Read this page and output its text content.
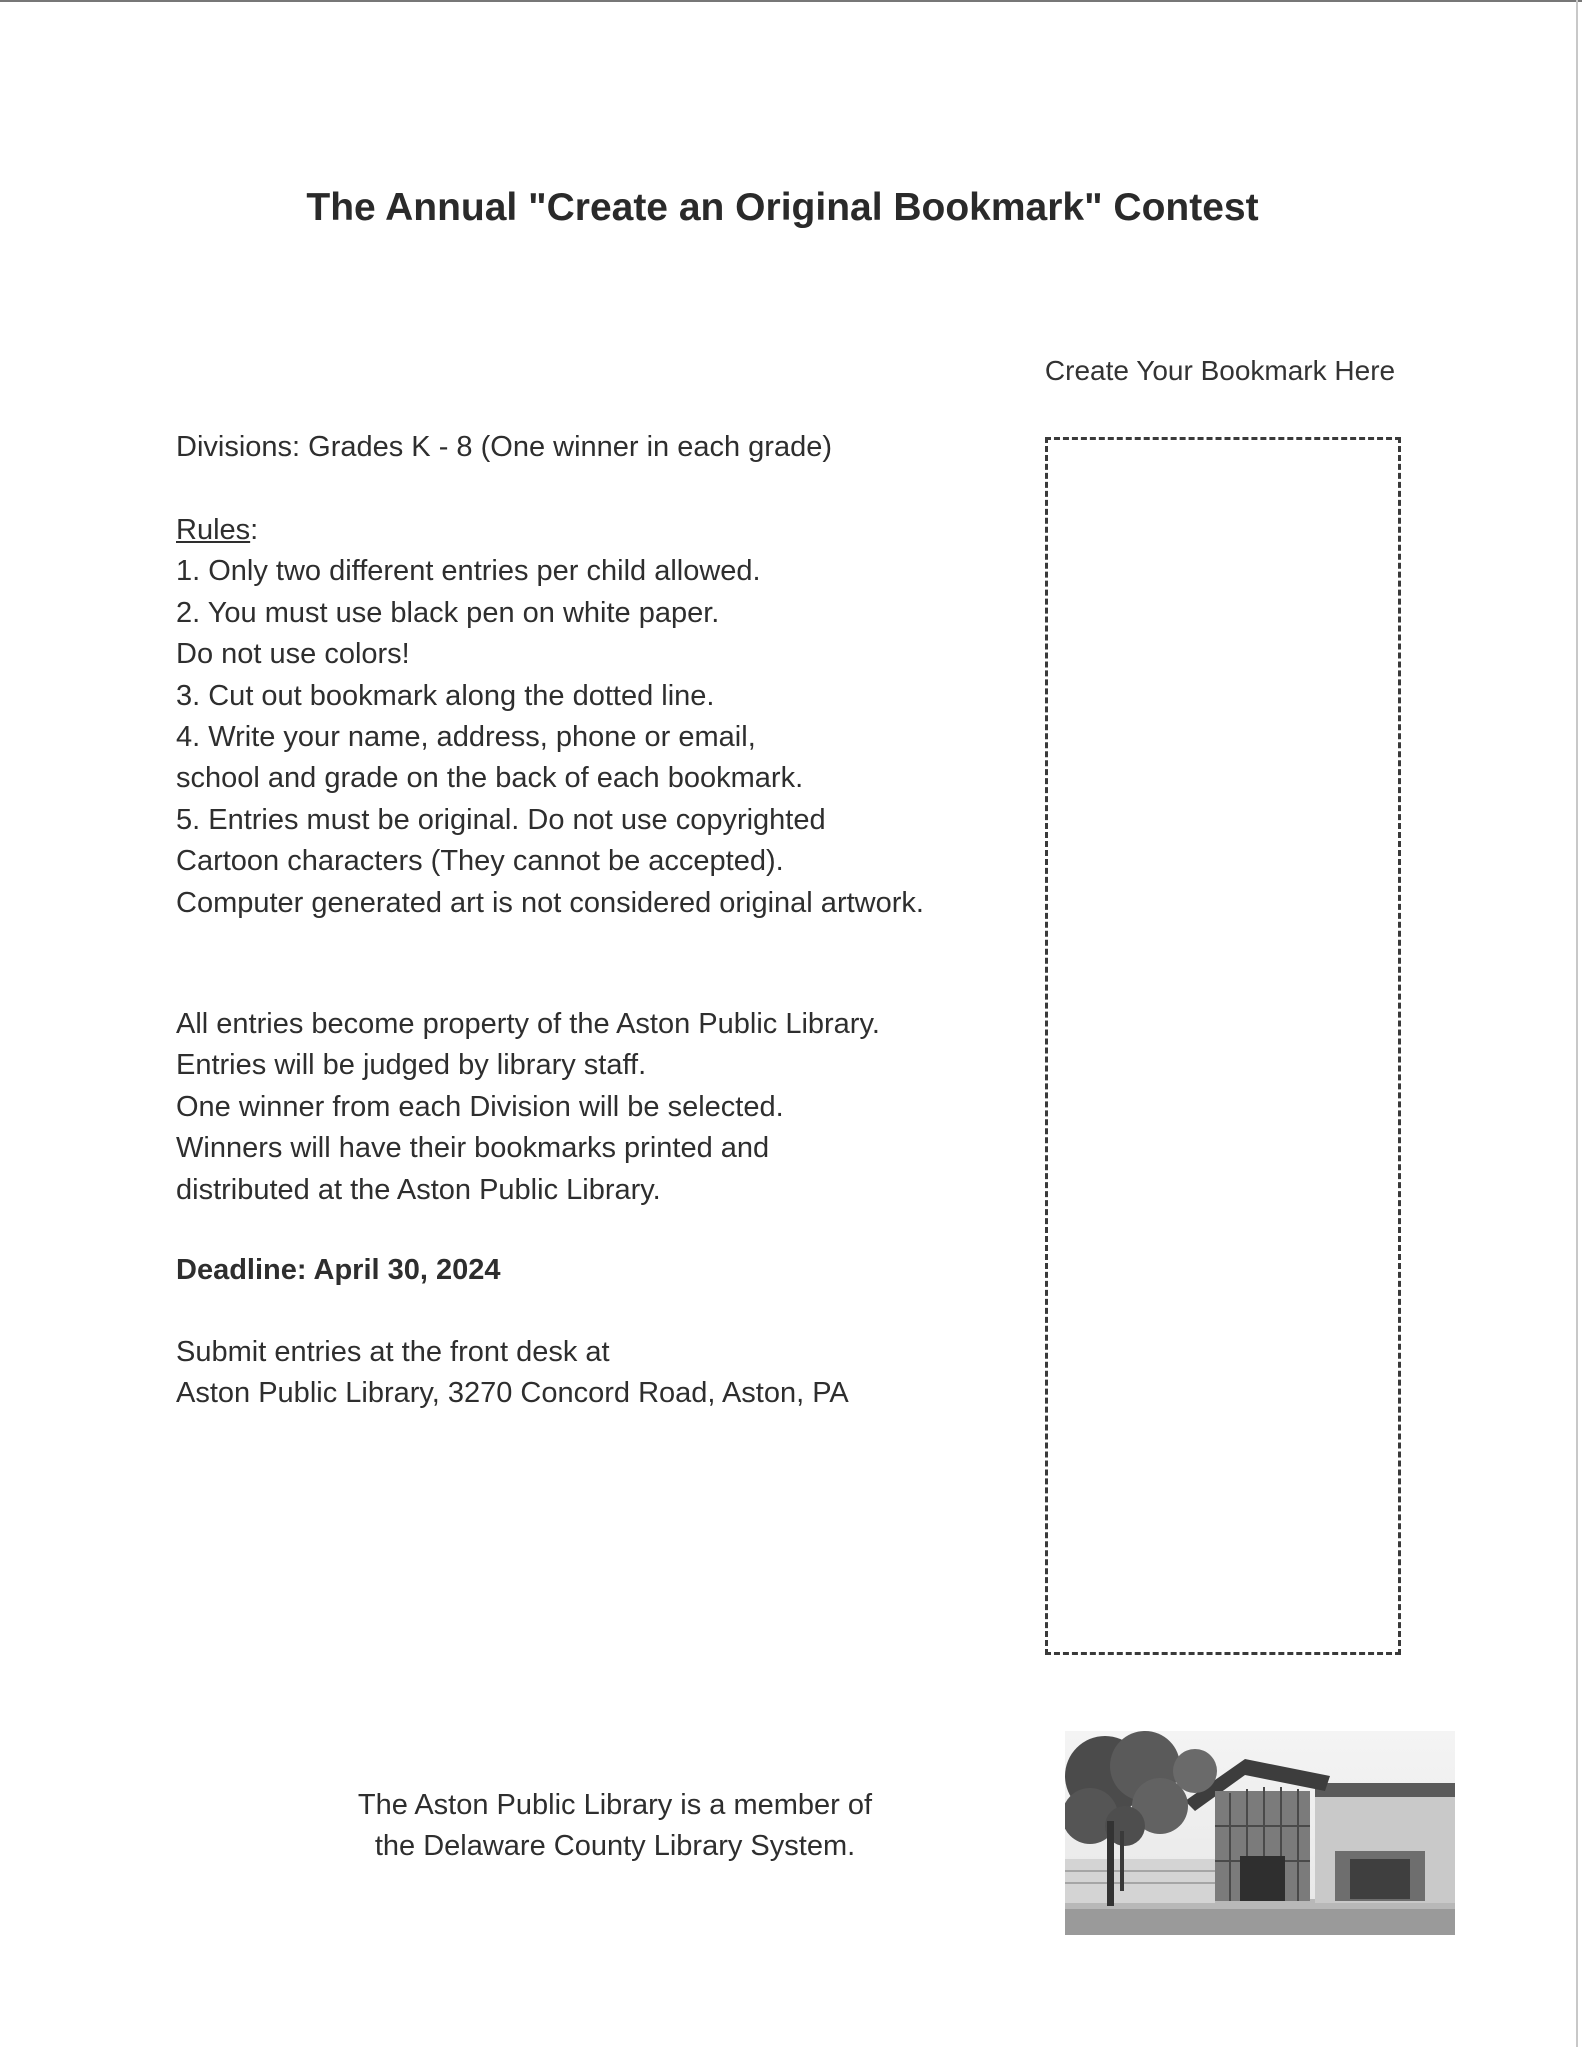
The Annual "Create an Original Bookmark" Contest
Create Your Bookmark Here
Divisions: Grades K - 8 (One winner in each grade)
Rules:
1. Only two different entries per child allowed.
2. You must use black pen on white paper.
Do not use colors!
3. Cut out bookmark along the dotted line.
4. Write your name, address, phone or email,
school and grade on the back of each bookmark.
5. Entries must be original. Do not use copyrighted
Cartoon characters (They cannot be accepted).
Computer generated art is not considered original artwork.
All entries become property of the Aston Public Library.
Entries will be judged by library staff.
One winner from each Division will be selected.
Winners will have their bookmarks printed and
distributed at the Aston Public Library.
Deadline: April 30, 2024
Submit entries at the front desk at
Aston Public Library, 3270 Concord Road, Aston, PA
The Aston Public Library is a member of
the Delaware County Library System.
